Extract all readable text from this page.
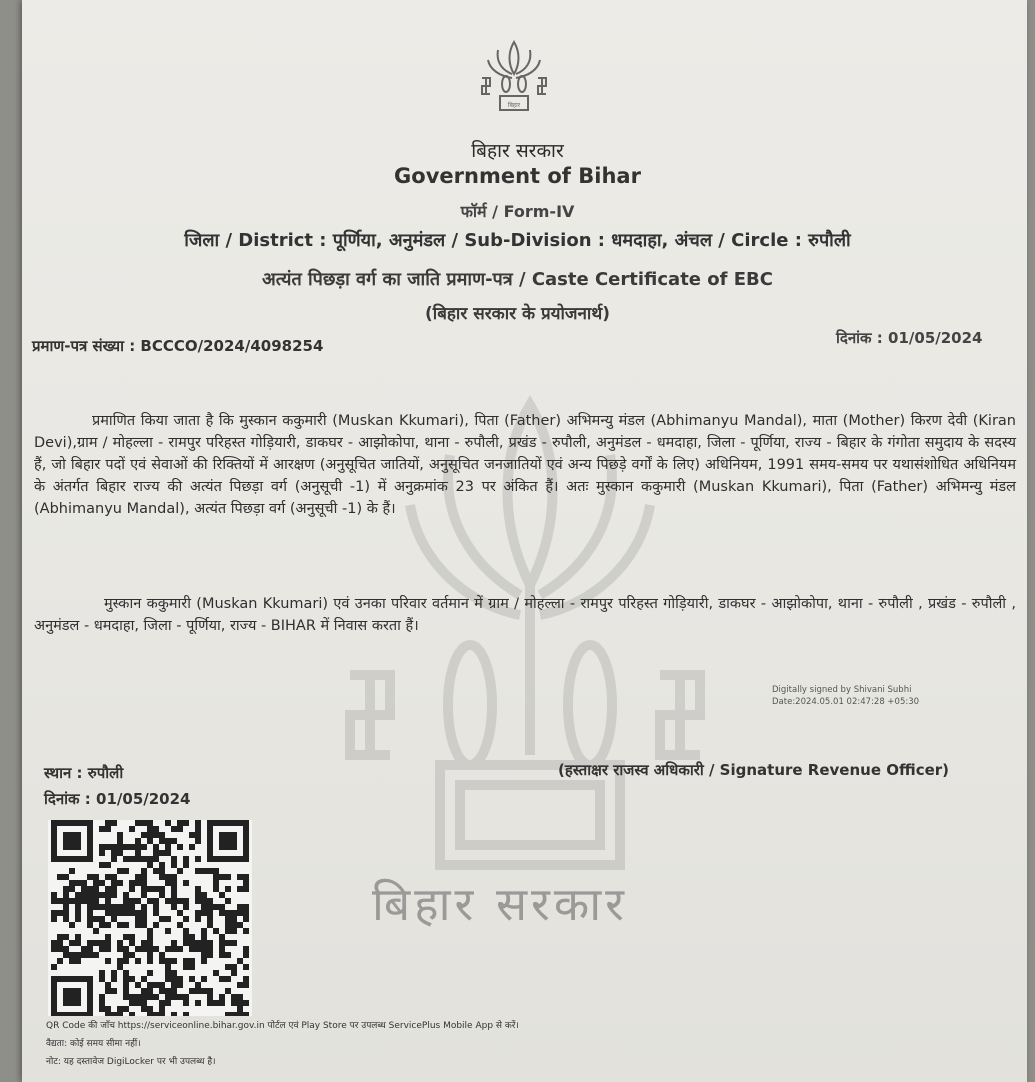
बिहार सरकार
बिहार
बिहार सरकार
Government of Bihar
फॉर्म / Form-IV
जिला / District : पूर्णिया, अनुमंडल / Sub-Division : धमदाहा, अंचल / Circle : रुपौली
अत्यंत पिछड़ा वर्ग का जाति प्रमाण-पत्र / Caste Certificate of EBC
(बिहार सरकार के प्रयोजनार्थ)
प्रमाण-पत्र संख्या : BCCCO/2024/4098254	दिनांक : 01/05/2024
प्रमाणित किया जाता है कि मुस्कान ककुमारी (Muskan Kkumari), पिता (Father) अभिमन्यु मंडल (Abhimanyu Mandal), माता (Mother) किरण देवी (Kiran Devi),ग्राम / मोहल्ला - रामपुर परिहस्त गोड़ियारी, डाकघर - आझोकोपा, थाना - रुपौली, प्रखंड - रुपौली, अनुमंडल - धमदाहा, जिला - पूर्णिया, राज्य - बिहार के गंगोता समुदाय के सदस्य हैं, जो बिहार पदों एवं सेवाओं की रिक्तियों में आरक्षण (अनुसूचित जातियों, अनुसूचित जनजातियों एवं अन्य पिछड़े वर्गों के लिए) अधिनियम, 1991 समय-समय पर यथासंशोधित अधिनियम के अंतर्गत बिहार राज्य की अत्यंत पिछड़ा वर्ग (अनुसूची -1) में अनुक्रमांक 23 पर अंकित हैं। अतः मुस्कान ककुमारी (Muskan Kkumari), पिता (Father) अभिमन्यु मंडल (Abhimanyu Mandal), अत्यंत पिछड़ा वर्ग (अनुसूची -1) के हैं।
मुस्कान ककुमारी (Muskan Kkumari) एवं उनका परिवार वर्तमान में ग्राम / मोहल्ला - रामपुर परिहस्त गोड़ियारी, डाकघर - आझोकोपा, थाना - रुपौली , प्रखंड - रुपौली , अनुमंडल - धमदाहा, जिला - पूर्णिया, राज्य - BIHAR में निवास करता हैं।
Digitally signed by Shivani Subhi
Date:2024.05.01 02:47:28 +05:30
(हस्ताक्षर राजस्व अधिकारी / Signature Revenue Officer)
स्थान : रुपौली
दिनांक : 01/05/2024
QR Code की जाँच https://serviceonline.bihar.gov.in पोर्टल एवं Play Store पर उपलब्ध ServicePlus Mobile App से करें।
वैद्यता: कोई समय सीमा नहीं।
नोट: यह दस्तावेज DigiLocker पर भी उपलब्ध है।
